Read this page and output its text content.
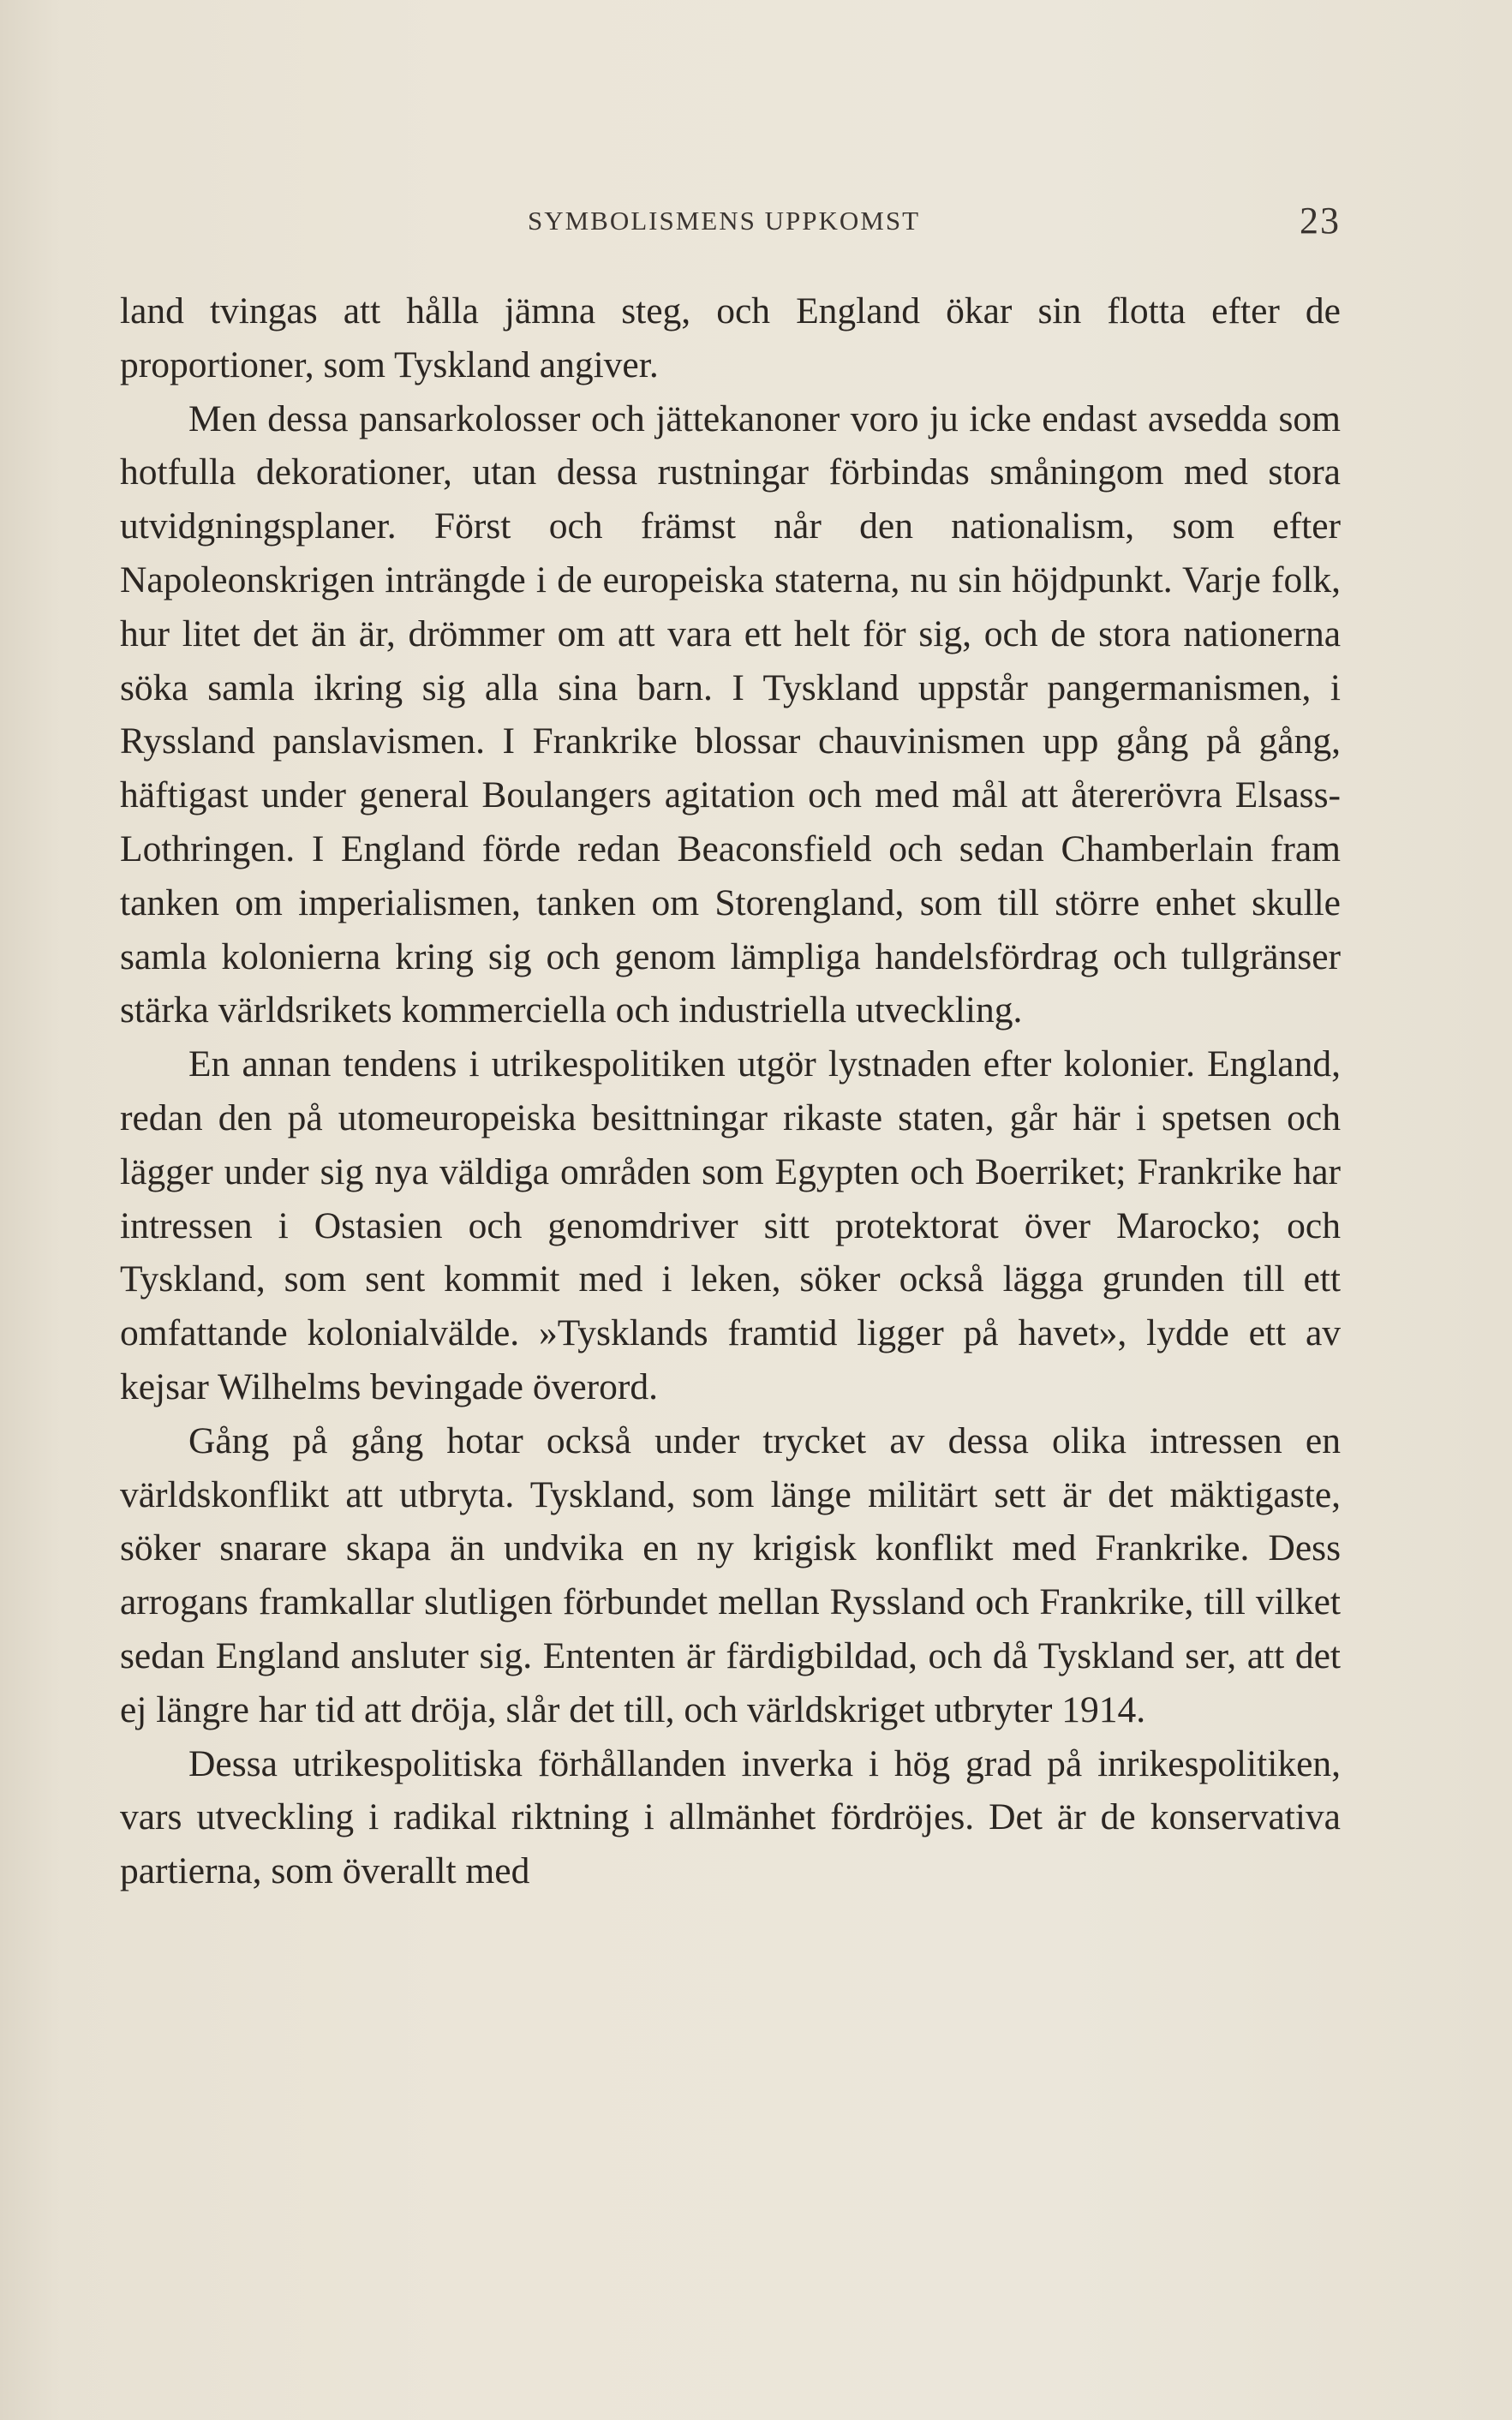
SYMBOLISMENS UPPKOMST	23

land tvingas att hålla jämna steg, och England ökar sin flotta efter de proportioner, som Tyskland angiver.

Men dessa pansarkolosser och jättekanoner voro ju icke endast avsedda som hotfulla dekorationer, utan dessa rustningar förbindas småningom med stora utvidgningsplaner. Först och främst når den nationalism, som efter Napoleonskrigen inträngde i de europeiska staterna, nu sin höjdpunkt. Varje folk, hur litet det än är, drömmer om att vara ett helt för sig, och de stora nationerna söka samla ikring sig alla sina barn. I Tyskland uppstår pangermanismen, i Ryssland panslavismen. I Frankrike blossar chauvinismen upp gång på gång, häftigast under general Boulangers agitation och med mål att återerövra Elsass-Lothringen. I England förde redan Beaconsfield och sedan Chamberlain fram tanken om imperialismen, tanken om Storengland, som till större enhet skulle samla kolonierna kring sig och genom lämpliga handelsfördrag och tullgränser stärka världsrikets kommerciella och industriella utveckling.

En annan tendens i utrikespolitiken utgör lystnaden efter kolonier. England, redan den på utomeuropeiska besittningar rikaste staten, går här i spetsen och lägger under sig nya väldiga områden som Egypten och Boerriket; Frankrike har intressen i Ostasien och genomdriver sitt protektorat över Marocko; och Tyskland, som sent kommit med i leken, söker också lägga grunden till ett omfattande kolonialvälde. »Tysklands framtid ligger på havet», lydde ett av kejsar Wilhelms bevingade överord.

Gång på gång hotar också under trycket av dessa olika intressen en världskonflikt att utbryta. Tyskland, som länge militärt sett är det mäktigaste, söker snarare skapa än undvika en ny krigisk konflikt med Frankrike. Dess arrogans framkallar slutligen förbundet mellan Ryssland och Frankrike, till vilket sedan England ansluter sig. Ententen är färdigbildad, och då Tyskland ser, att det ej längre har tid att dröja, slår det till, och världskriget utbryter 1914.

Dessa utrikespolitiska förhållanden inverka i hög grad på inrikespolitiken, vars utveckling i radikal riktning i allmänhet fördröjes. Det är de konservativa partierna, som överallt med
